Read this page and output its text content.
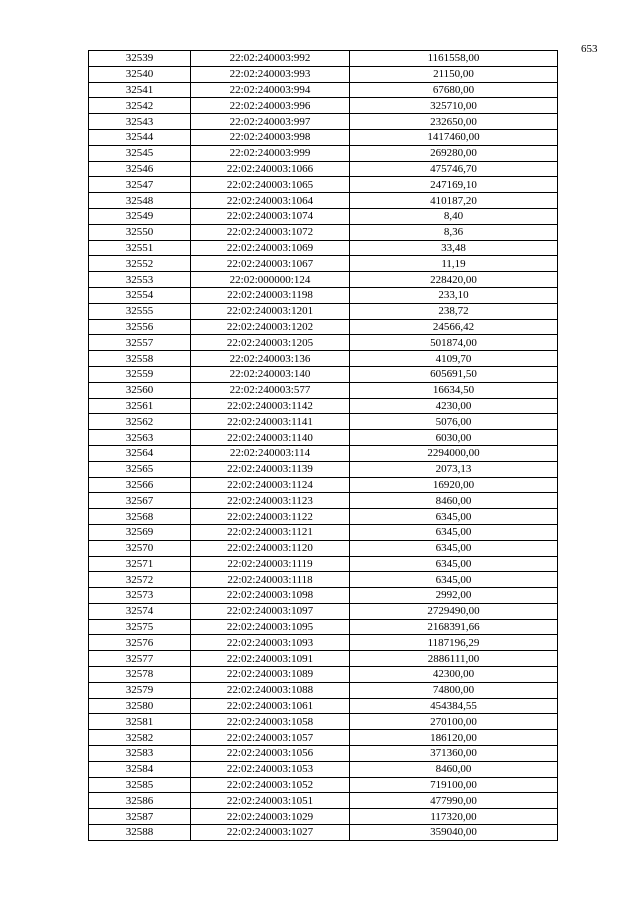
653
32539	22:02:240003:992	1161558,00
32540	22:02:240003:993	21150,00
32541	22:02:240003:994	67680,00
32542	22:02:240003:996	325710,00
32543	22:02:240003:997	232650,00
32544	22:02:240003:998	1417460,00
32545	22:02:240003:999	269280,00
32546	22:02:240003:1066	475746,70
32547	22:02:240003:1065	247169,10
32548	22:02:240003:1064	410187,20
32549	22:02:240003:1074	8,40
32550	22:02:240003:1072	8,36
32551	22:02:240003:1069	33,48
32552	22:02:240003:1067	11,19
32553	22:02:000000:124	228420,00
32554	22:02:240003:1198	233,10
32555	22:02:240003:1201	238,72
32556	22:02:240003:1202	24566,42
32557	22:02:240003:1205	501874,00
32558	22:02:240003:136	4109,70
32559	22:02:240003:140	605691,50
32560	22:02:240003:577	16634,50
32561	22:02:240003:1142	4230,00
32562	22:02:240003:1141	5076,00
32563	22:02:240003:1140	6030,00
32564	22:02:240003:114	2294000,00
32565	22:02:240003:1139	2073,13
32566	22:02:240003:1124	16920,00
32567	22:02:240003:1123	8460,00
32568	22:02:240003:1122	6345,00
32569	22:02:240003:1121	6345,00
32570	22:02:240003:1120	6345,00
32571	22:02:240003:1119	6345,00
32572	22:02:240003:1118	6345,00
32573	22:02:240003:1098	2992,00
32574	22:02:240003:1097	2729490,00
32575	22:02:240003:1095	2168391,66
32576	22:02:240003:1093	1187196,29
32577	22:02:240003:1091	2886111,00
32578	22:02:240003:1089	42300,00
32579	22:02:240003:1088	74800,00
32580	22:02:240003:1061	454384,55
32581	22:02:240003:1058	270100,00
32582	22:02:240003:1057	186120,00
32583	22:02:240003:1056	371360,00
32584	22:02:240003:1053	8460,00
32585	22:02:240003:1052	719100,00
32586	22:02:240003:1051	477990,00
32587	22:02:240003:1029	117320,00
32588	22:02:240003:1027	359040,00
